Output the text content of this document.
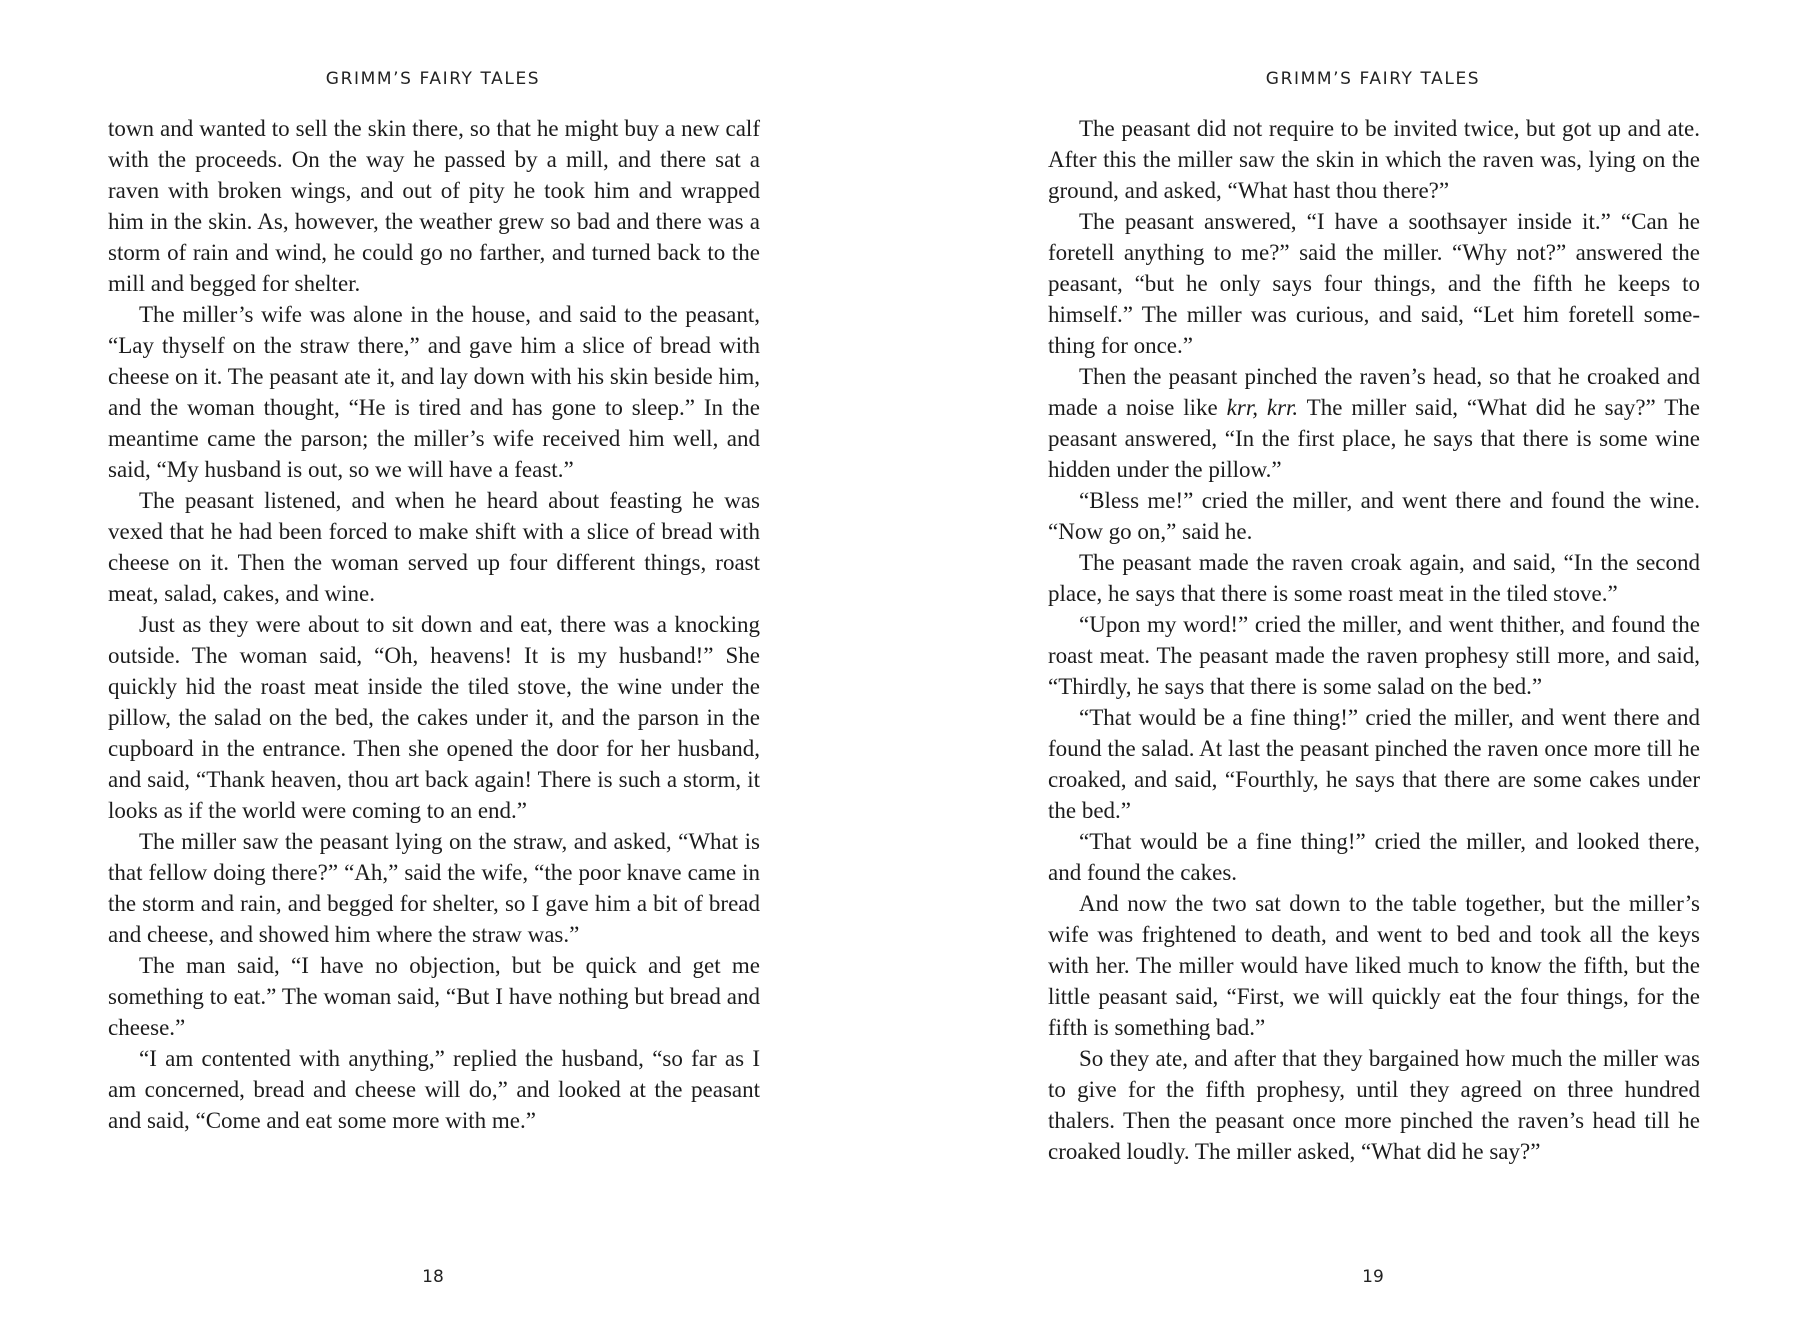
GRIMM’S FAIRY TALES

town and wanted to sell the skin there, so that he might buy a new calf with the proceeds. On the way he passed by a mill, and there sat a raven with broken wings, and out of pity he took him and wrapped him in the skin. As, however, the weather grew so bad and there was a storm of rain and wind, he could go no farther, and turned back to the mill and begged for shelter.

The miller’s wife was alone in the house, and said to the peasant, “Lay thyself on the straw there,” and gave him a slice of bread with cheese on it. The peasant ate it, and lay down with his skin beside him, and the woman thought, “He is tired and has gone to sleep.” In the meantime came the parson; the miller’s wife received him well, and said, “My husband is out, so we will have a feast.”

The peasant listened, and when he heard about feasting he was vexed that he had been forced to make shift with a slice of bread with cheese on it. Then the woman served up four different things, roast meat, salad, cakes, and wine.

Just as they were about to sit down and eat, there was a knocking outside. The woman said, “Oh, heavens! It is my husband!” She quickly hid the roast meat inside the tiled stove, the wine under the pillow, the salad on the bed, the cakes under it, and the parson in the cupboard in the entrance. Then she opened the door for her husband, and said, “Thank heaven, thou art back again! There is such a storm, it looks as if the world were coming to an end.”

The miller saw the peasant lying on the straw, and asked, “What is that fellow doing there?” “Ah,” said the wife, “the poor knave came in the storm and rain, and begged for shelter, so I gave him a bit of bread and cheese, and showed him where the straw was.”

The man said, “I have no objection, but be quick and get me something to eat.” The woman said, “But I have nothing but bread and cheese.”

“I am contented with anything,” replied the husband, “so far as I am concerned, bread and cheese will do,” and looked at the peasant and said, “Come and eat some more with me.”

18
GRIMM’S FAIRY TALES

The peasant did not require to be invited twice, but got up and ate. After this the miller saw the skin in which the raven was, lying on the ground, and asked, “What hast thou there?”

The peasant answered, “I have a soothsayer inside it.” “Can he foretell anything to me?” said the miller. “Why not?” answered the peasant, “but he only says four things, and the fifth he keeps to himself.” The miller was curious, and said, “Let him foretell something for once.”

Then the peasant pinched the raven’s head, so that he croaked and made a noise like krr, krr. The miller said, “What did he say?” The peasant answered, “In the first place, he says that there is some wine hidden under the pillow.”

“Bless me!” cried the miller, and went there and found the wine. “Now go on,” said he.

The peasant made the raven croak again, and said, “In the second place, he says that there is some roast meat in the tiled stove.”

“Upon my word!” cried the miller, and went thither, and found the roast meat. The peasant made the raven prophesy still more, and said, “Thirdly, he says that there is some salad on the bed.”

“That would be a fine thing!” cried the miller, and went there and found the salad. At last the peasant pinched the raven once more till he croaked, and said, “Fourthly, he says that there are some cakes under the bed.”

“That would be a fine thing!” cried the miller, and looked there, and found the cakes.

And now the two sat down to the table together, but the miller’s wife was frightened to death, and went to bed and took all the keys with her. The miller would have liked much to know the fifth, but the little peasant said, “First, we will quickly eat the four things, for the fifth is something bad.”

So they ate, and after that they bargained how much the miller was to give for the fifth prophesy, until they agreed on three hundred thalers. Then the peasant once more pinched the raven’s head till he croaked loudly. The miller asked, “What did he say?”

19
